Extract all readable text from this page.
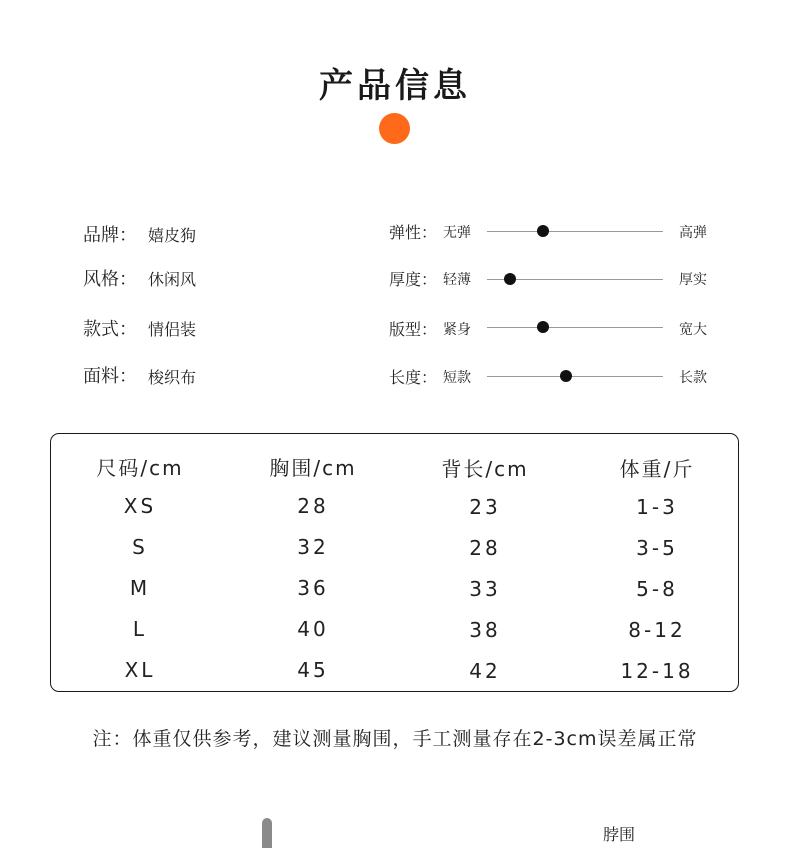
产品信息
品牌： 嬉皮狗
风格： 休闲风
款式： 情侣装
面料： 梭织布
弹性： 无弹	高弹
厚度： 轻薄	厚实
版型： 紧身	宽大
长度： 短款	长款
尺码/cm	胸围/cm	背长/cm	体重/斤
XS	28	23	1-3
S	32	28	3-5
M	36	33	5-8
L	40	38	8-12
XL	45	42	12-18
注：体重仅供参考，建议测量胸围，手工测量存在2-3cm误差属正常
脖围
